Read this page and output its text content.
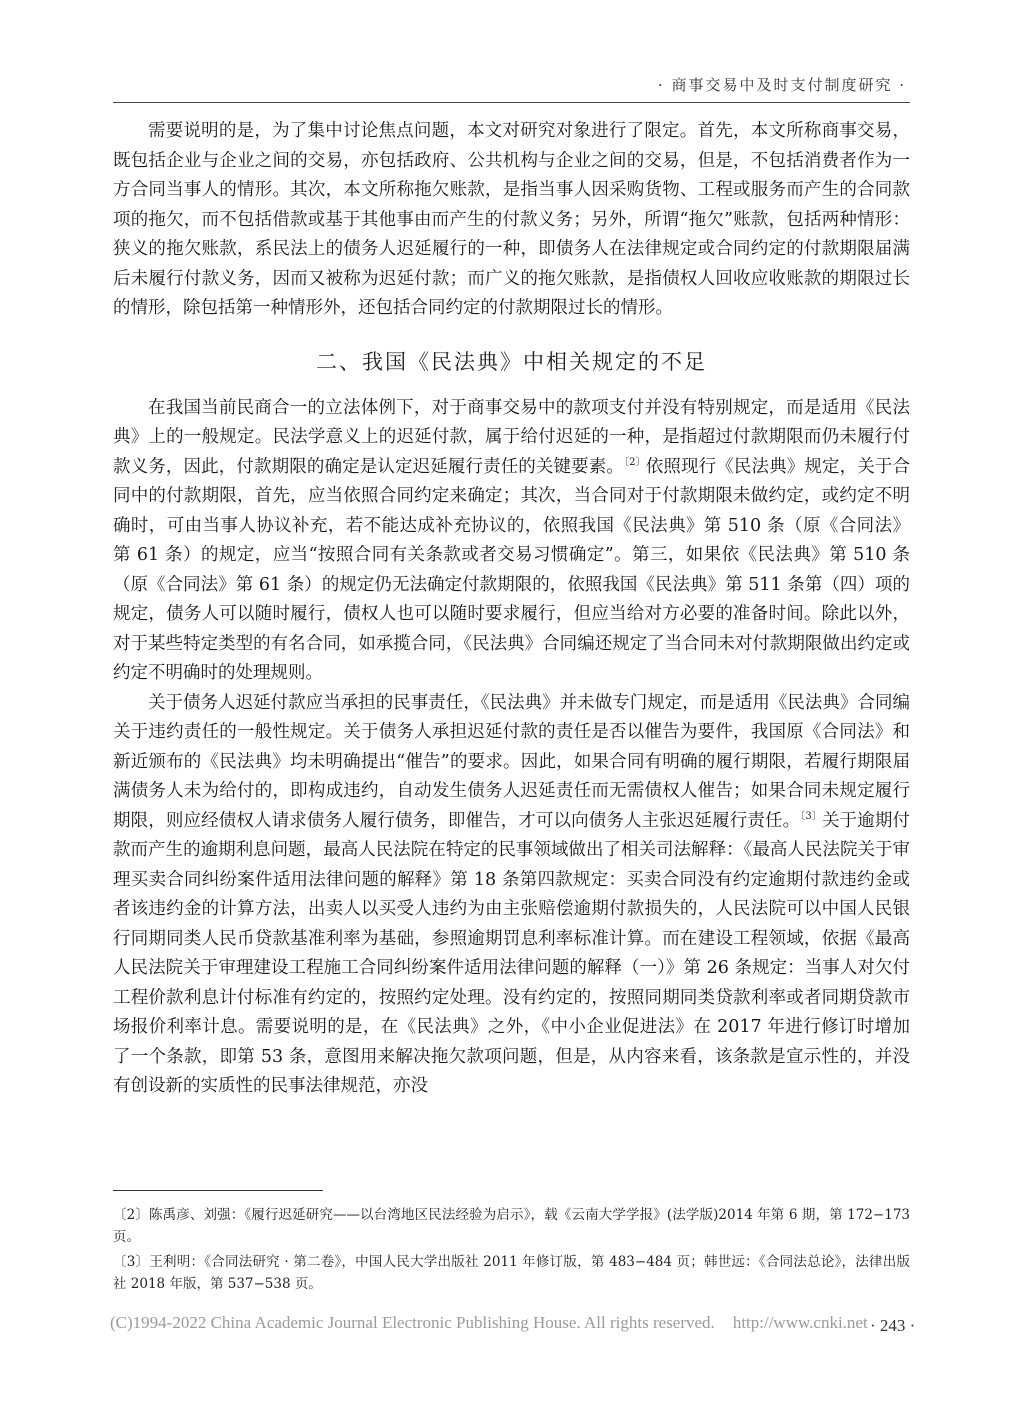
· 商事交易中及时支付制度研究 ·

需要说明的是，为了集中讨论焦点问题，本文对研究对象进行了限定。首先，本文所称商事交易，既包括企业与企业之间的交易，亦包括政府、公共机构与企业之间的交易，但是，不包括消费者作为一方合同当事人的情形。其次，本文所称拖欠账款，是指当事人因采购货物、工程或服务而产生的合同款项的拖欠，而不包括借款或基于其他事由而产生的付款义务；另外，所谓“拖欠”账款，包括两种情形：狭义的拖欠账款，系民法上的债务人迟延履行的一种，即债务人在法律规定或合同约定的付款期限届满后未履行付款义务，因而又被称为迟延付款；而广义的拖欠账款，是指债权人回收应收账款的期限过长的情形，除包括第一种情形外，还包括合同约定的付款期限过长的情形。

二、我国《民法典》中相关规定的不足

在我国当前民商合一的立法体例下，对于商事交易中的款项支付并没有特别规定，而是适用《民法典》上的一般规定。民法学意义上的迟延付款，属于给付迟延的一种，是指超过付款期限而仍未履行付款义务，因此，付款期限的确定是认定迟延履行责任的关键要素。$^{〔2〕}$依照现行《民法典》规定，关于合同中的付款期限，首先，应当依照合同约定来确定；其次，当合同对于付款期限未做约定，或约定不明确时，可由当事人协议补充，若不能达成补充协议的，依照我国《民法典》第 510 条（原《合同法》第 61 条）的规定，应当“按照合同有关条款或者交易习惯确定”。第三，如果依《民法典》第 510 条（原《合同法》第 61 条）的规定仍无法确定付款期限的，依照我国《民法典》第 511 条第（四）项的规定，债务人可以随时履行，债权人也可以随时要求履行，但应当给对方必要的准备时间。除此以外，对于某些特定类型的有名合同，如承揽合同，《民法典》合同编还规定了当合同未对付款期限做出约定或约定不明确时的处理规则。

关于债务人迟延付款应当承担的民事责任，《民法典》并未做专门规定，而是适用《民法典》合同编关于违约责任的一般性规定。关于债务人承担迟延付款的责任是否以催告为要件，我国原《合同法》和新近颁布的《民法典》均未明确提出“催告”的要求。因此，如果合同有明确的履行期限，若履行期限届满债务人未为给付的，即构成违约，自动发生债务人迟延责任而无需债权人催告；如果合同未规定履行期限，则应经债权人请求债务人履行债务，即催告，才可以向债务人主张迟延履行责任。$^{〔3〕}$关于逾期付款而产生的逾期利息问题，最高人民法院在特定的民事领域做出了相关司法解释：《最高人民法院关于审理买卖合同纠纷案件适用法律问题的解释》第 18 条第四款规定：买卖合同没有约定逾期付款违约金或者该违约金的计算方法，出卖人以买受人违约为由主张赔偿逾期付款损失的，人民法院可以中国人民银行同期同类人民币贷款基准利率为基础，参照逾期罚息利率标准计算。而在建设工程领域，依据《最高人民法院关于审理建设工程施工合同纠纷案件适用法律问题的解释（一）》第 26 条规定：当事人对欠付工程价款利息计付标准有约定的，按照约定处理。没有约定的，按照同期同类贷款利率或者同期贷款市场报价利率计息。需要说明的是，在《民法典》之外，《中小企业促进法》在 2017 年进行修订时增加了一个条款，即第 53 条，意图用来解决拖欠款项问题，但是，从内容来看，该条款是宣示性的，并没有创设新的实质性的民事法律规范，亦没

〔2〕陈禹彦、刘强：《履行迟延研究——以台湾地区民法经验为启示》，载《云南大学学报》(法学版)2014 年第 6 期，第 172−173 页。

〔3〕王利明：《合同法研究 · 第二卷》，中国人民大学出版社 2011 年修订版，第 483−484 页；韩世远：《合同法总论》，法律出版社 2018 年版，第 537−538 页。

(C)1994-2022 China Academic Journal Electronic Publishing House. All rights reserved. http://www.cnki.net · 243 ·
